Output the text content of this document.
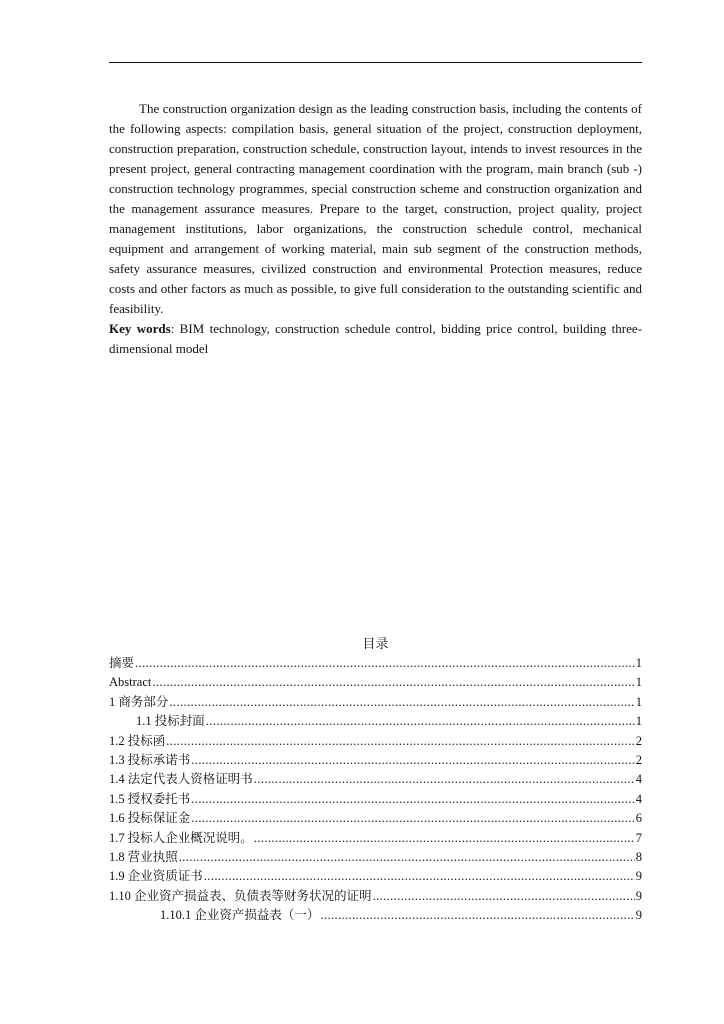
The construction organization design as the leading construction basis, including the contents of the following aspects: compilation basis, general situation of the project, construction deployment, construction preparation, construction schedule, construction layout, intends to invest resources in the present project, general contracting management coordination with the program, main branch (sub -) construction technology programmes, special construction scheme and construction organization and the management assurance measures. Prepare to the target, construction, project quality, project management institutions, labor organizations, the construction schedule control, mechanical equipment and arrangement of working material, main sub segment of the construction methods, safety assurance measures, civilized construction and environmental Protection measures, reduce costs and other factors as much as possible, to give full consideration to the outstanding scientific and feasibility.

Key words: BIM technology, construction schedule control, bidding price control, building three-dimensional model

目录
摘要 .....	1
Abstract .....	1
1 商务部分 .....	1
1.1 投标封面 .....	1
1.2 投标函 .....	2
1.3 投标承诺书 .....	2
1.4 法定代表人资格证明书 .....	4
1.5 授权委托书 .....	4
1.6 投标保证金 .....	6
1.7 投标人企业概况说明。 .....	7
1.8 营业执照 .....	8
1.9 企业资质证书 .....	9
1.10 企业资产损益表、负债表等财务状况的证明 .....	9
1.10.1 企业资产损益表（一） .....	9
